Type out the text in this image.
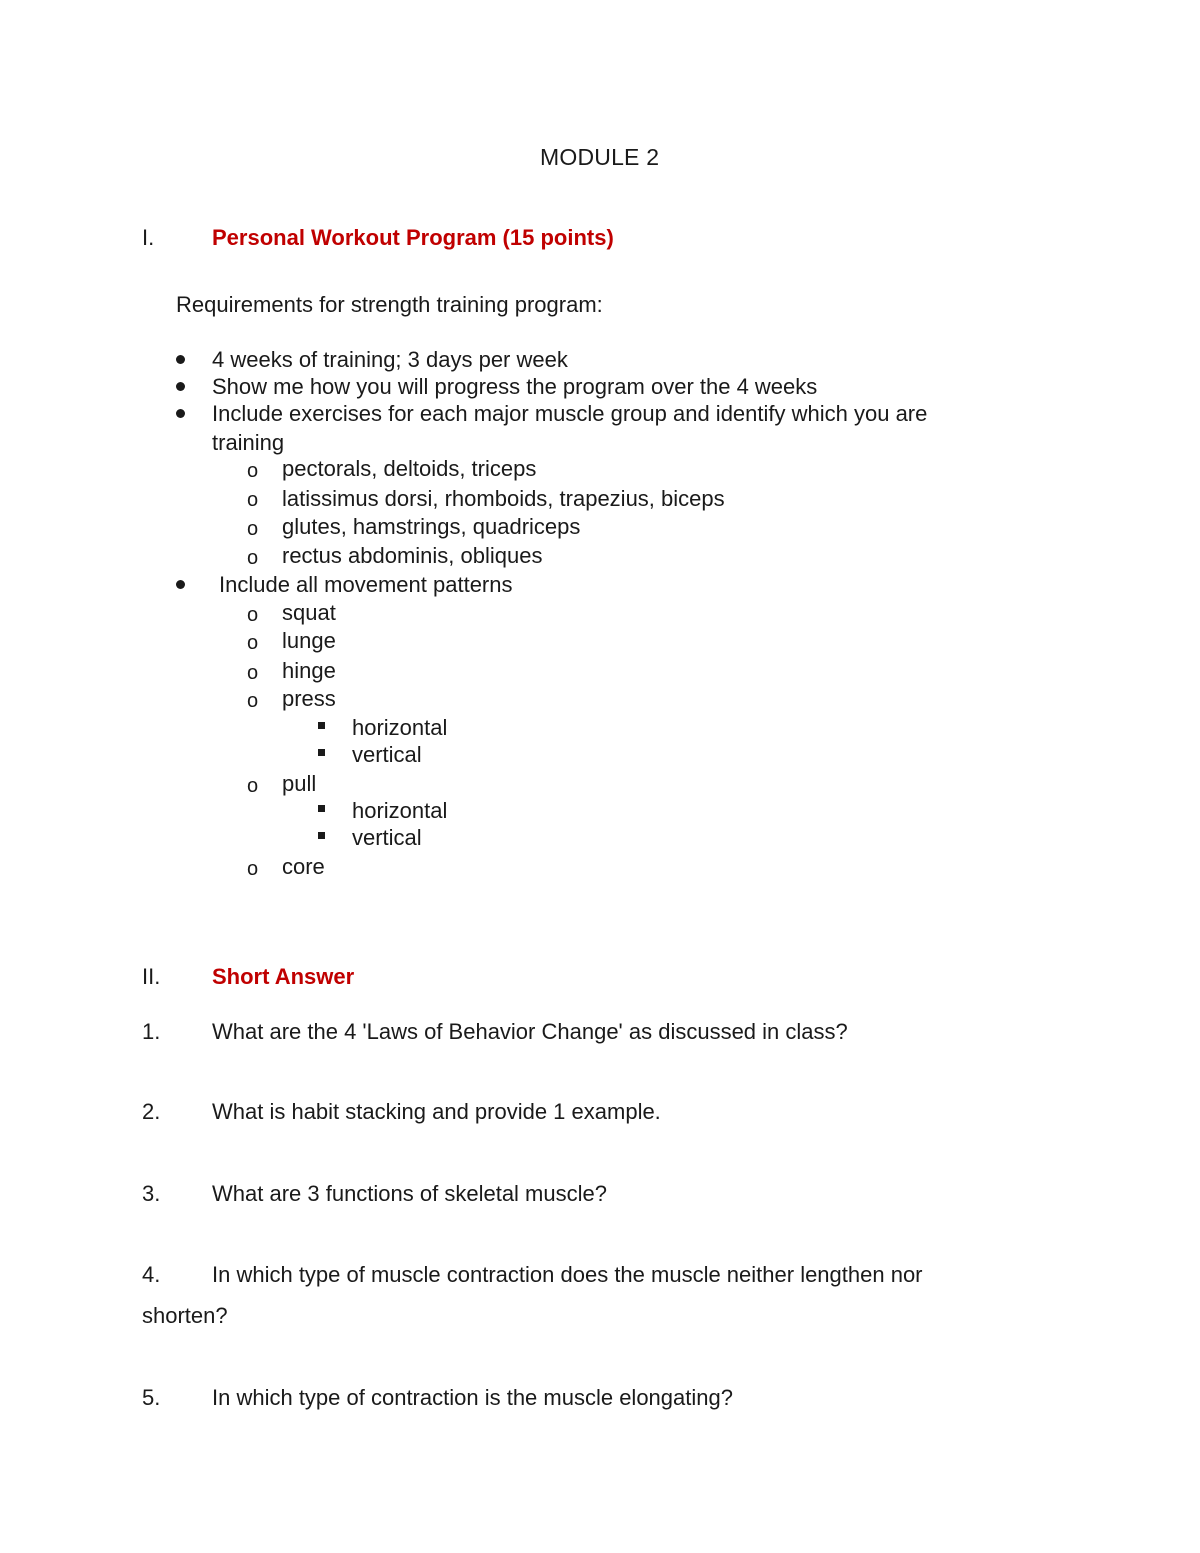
MODULE 2
I.	Personal Workout Program (15 points)
Requirements for strength training program:
4 weeks of training; 3 days per week
Show me how you will progress the program over the 4 weeks
Include exercises for each major muscle group and identify which you are
training
o pectorals, deltoids, triceps
o latissimus dorsi, rhomboids, trapezius, biceps
o glutes, hamstrings, quadriceps
o rectus abdominis, obliques
Include all movement patterns
o squat
o lunge
o hinge
o press
horizontal
vertical
o pull
horizontal
vertical
o core
II. Short Answer
1. What are the 4 'Laws of Behavior Change' as discussed in class?
2. What is habit stacking and provide 1 example.
3. What are 3 functions of skeletal muscle?
4. In which type of muscle contraction does the muscle neither lengthen nor
shorten?
5. In which type of contraction is the muscle elongating?
